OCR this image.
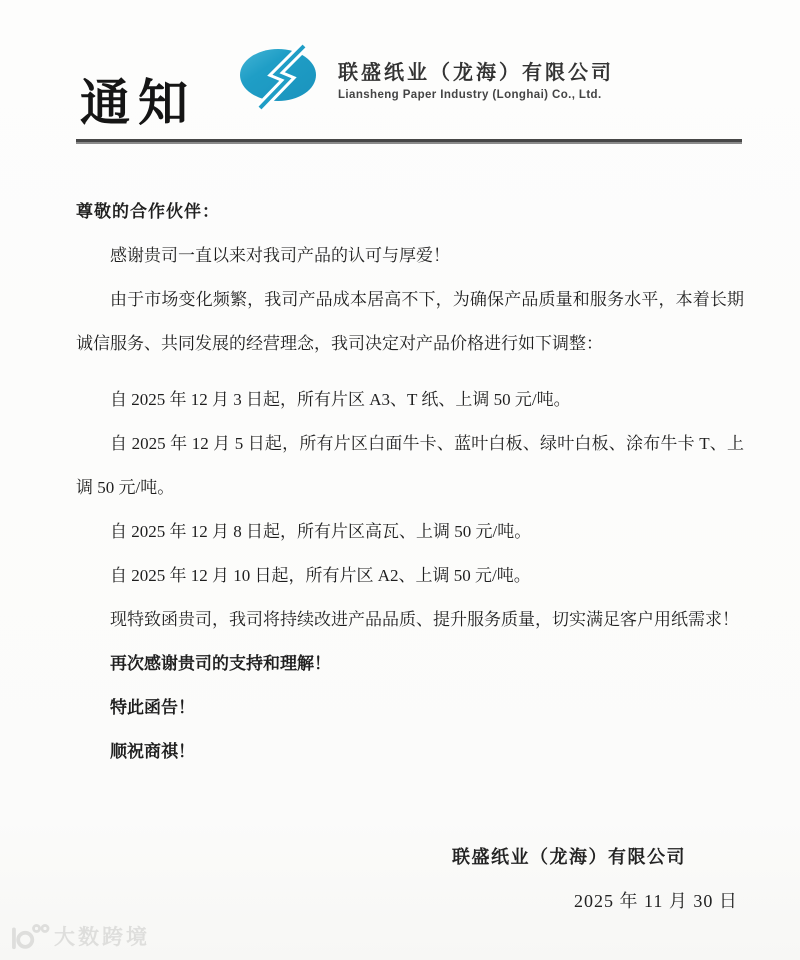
通知
联盛纸业（龙海）有限公司
Liansheng Paper Industry (Longhai) Co., Ltd.

尊敬的合作伙伴：

感谢贵司一直以来对我司产品的认可与厚爱！

由于市场变化频繁，我司产品成本居高不下，为确保产品质量和服务水平，本着长期诚信服务、共同发展的经营理念，我司决定对产品价格进行如下调整：

自 2025 年 12 月 3 日起，所有片区 A3、T 纸、上调 50 元/吨。

自 2025 年 12 月 5 日起，所有片区白面牛卡、蓝叶白板、绿叶白板、涂布牛卡 T、上调 50 元/吨。

自 2025 年 12 月 8 日起，所有片区高瓦、上调 50 元/吨。

自 2025 年 12 月 10 日起，所有片区 A2、上调 50 元/吨。

现特致函贵司，我司将持续改进产品品质、提升服务质量，切实满足客户用纸需求！

再次感谢贵司的支持和理解！

特此函告！

顺祝商祺！

联盛纸业（龙海）有限公司
2025 年 11 月 30 日
大数跨境
